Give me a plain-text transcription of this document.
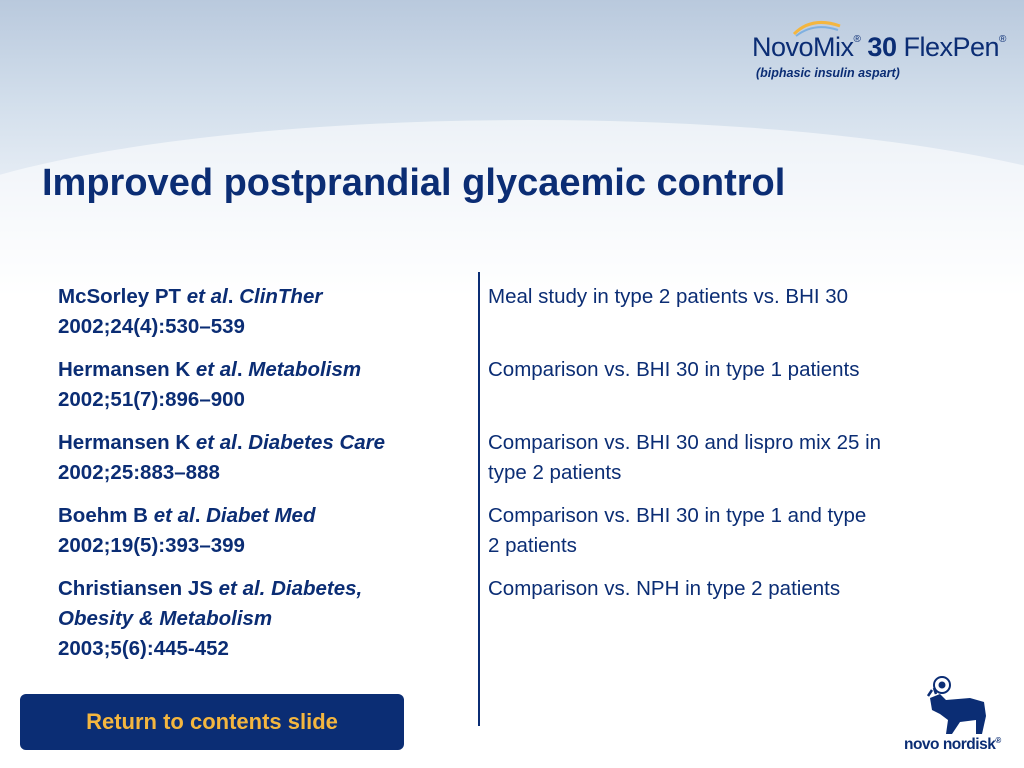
NovoMix® 30 FlexPen®
(biphasic insulin aspart)
Improved postprandial glycaemic control
McSorley PT et al. ClinTher
2002;24(4):530–539
Meal study in type 2 patients vs. BHI 30
Hermansen K et al. Metabolism
2002;51(7):896–900
Comparison vs. BHI 30 in type 1 patients
Hermansen K et al. Diabetes Care
2002;25:883–888
Comparison vs. BHI 30 and lispro mix 25 in type 2 patients
Boehm B et al. Diabet Med
2002;19(5):393–399
Comparison vs. BHI 30 in type 1 and type 2 patients
Christiansen JS et al. Diabetes,
Obesity & Metabolism
2003;5(6):445-452
Comparison vs. NPH in type 2 patients
Return to contents slide
novo nordisk®
